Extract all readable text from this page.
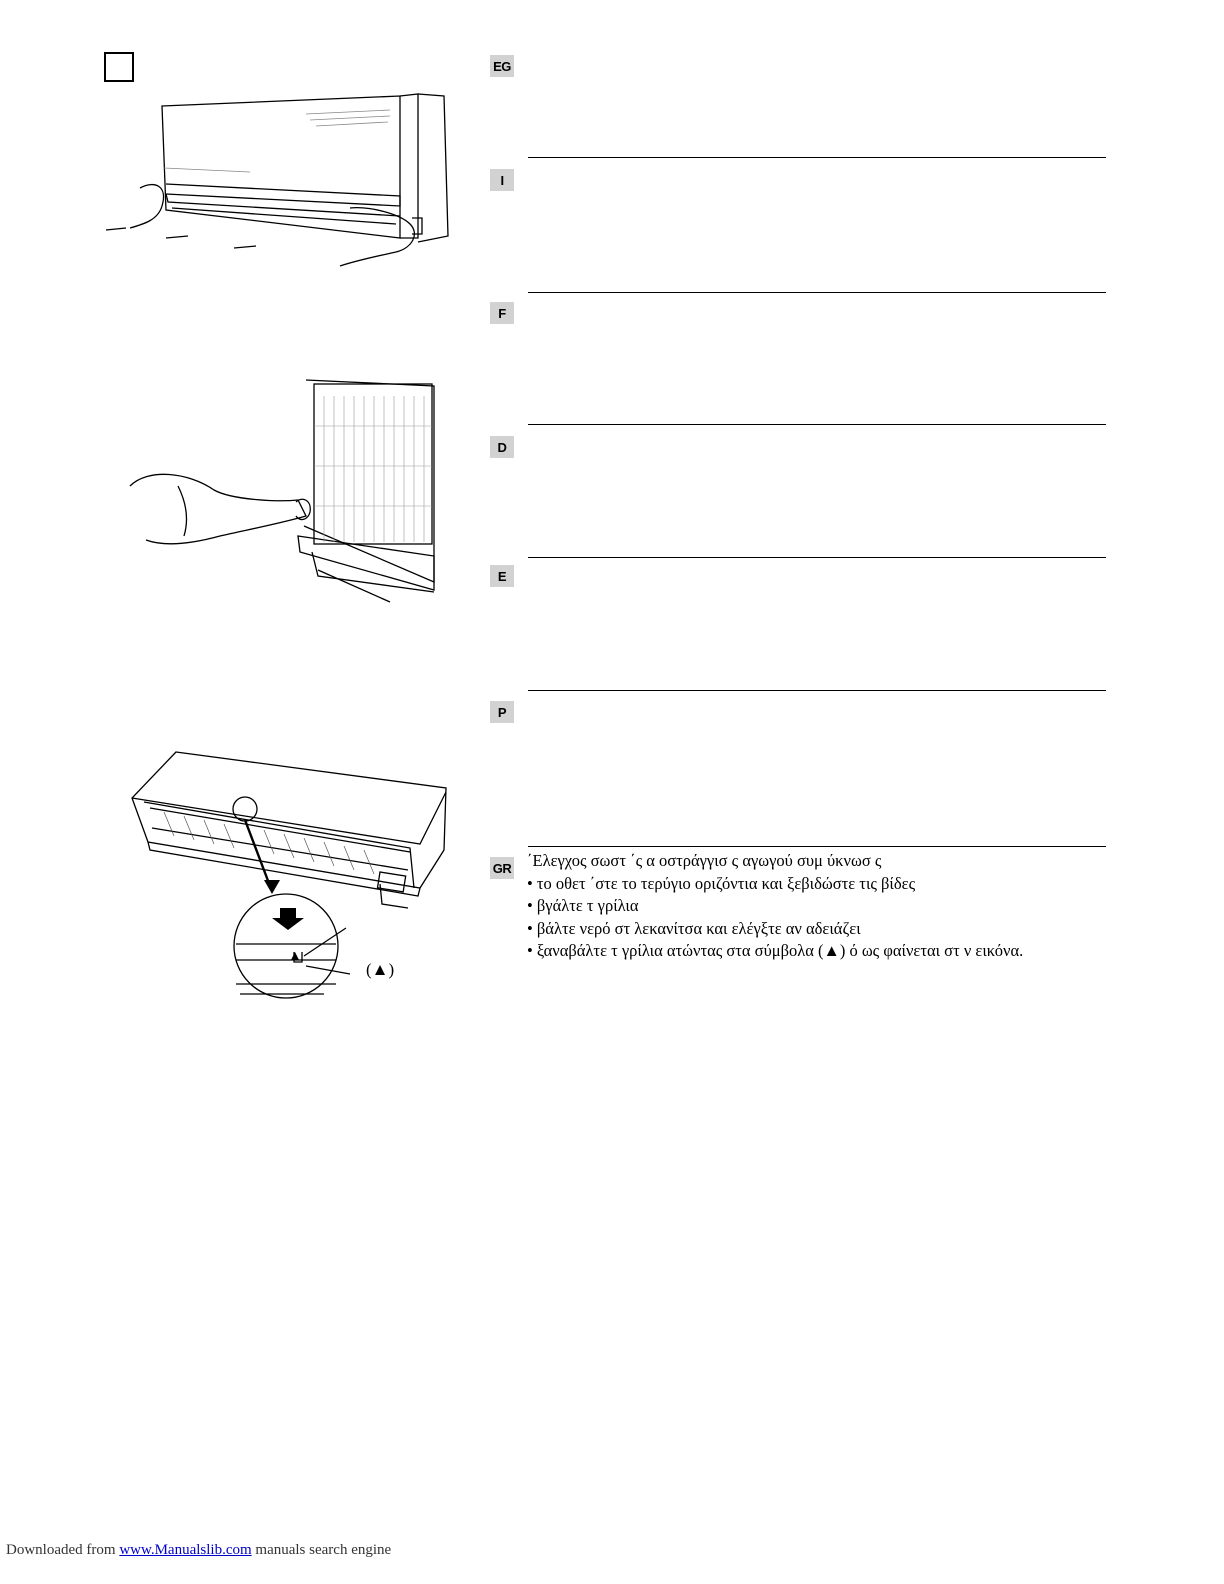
(▲)
EG
I
F
D
E
P
GR ΄Ελεγχος σωστ ΄ς α οστράγγισ ς αγωγού συμ ύκνωσ ς
• το οθετ ΄στε το τερύγιο οριζόντια και ξεβιδώστε τις βίδες
• βγάλτε τ γρίλια
• βάλτε νερό στ λεκανίτσα και ελέγξτε αν αδειάζει
• ξαναβάλτε τ γρίλια ατώντας στα σύμβολα (▲) ό ως φαίνεται στ ν εικόνα.
Downloaded from www.Manualslib.com manuals search engine
